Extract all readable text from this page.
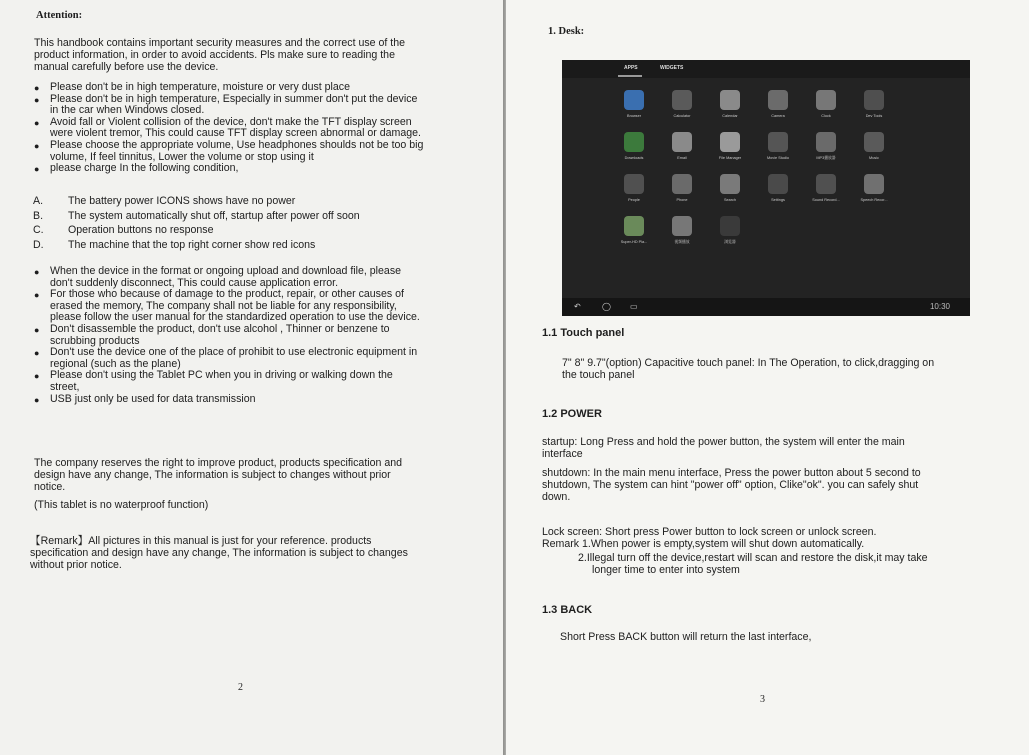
Attention:
This handbook contains important security measures and the correct use of the
product information, in order to avoid accidents. Pls make sure to reading the
manual carefully before use the device.
● Please don't be in high temperature, moisture or very dust place
● Please don't be in high temperature, Especially in summer don't put the device
in the car when Windows closed.
● Avoid fall or Violent collision of the device, don't make the TFT display screen
were violent tremor, This could cause TFT display screen abnormal or damage.
● Please choose the appropriate volume, Use headphones shoulds not be too big
volume, If feel tinnitus, Lower the volume or stop using it
● please charge In the following condition,
A. The battery power ICONS shows have no power
B. The system automatically shut off, startup after power off soon
C. Operation buttons no response
D. The machine that the top right corner show red icons
● When the device in the format or ongoing upload and download file, please
don't suddenly disconnect, This could cause application error.
● For those who because of damage to the product, repair, or other causes of
erased the memory, The company shall not be liable for any responsibility,
please follow the user manual for the standardized operation to use the device.
● Don't disassemble the product, don't use alcohol , Thinner or benzene to
scrubbing products
● Don't use the device one of the place of prohibit to use electronic equipment in
regional (such as the plane)
● Please don't using the Tablet PC when you in driving or walking down the
street,
● USB just only be used for data transmission
The company reserves the right to improve product, products specification and
design have any change, The information is subject to changes without prior
notice.
(This tablet is no waterproof function)
【Remark】All pictures in this manual is just for your reference. products
specification and design have any change, The information is subject to changes
without prior notice.
2
1. Desk:
APPS	WIDGETS
Browser	Calculator	Calendar	Camera	Clock	Dev Tools
Downloads	Email	File Manager	Movie Studio	MP3播放器	Music
People	Phone	Search	Settings	Sound Record...	Speech Recor...
Super-HD Pla...	视频播放	浏览器
↶	◯ ▭	10:30
1.1 Touch panel
7" 8" 9.7"(option) Capacitive touch panel: In The Operation, to click,dragging on
the touch panel
1.2 POWER
startup: Long Press and hold the power button, the system will enter the main
interface
shutdown: In the main menu interface, Press the power button about 5 second to
shutdown, The system can hint "power off" option, Clike"ok". you can safely shut
down.
Lock screen: Short press Power button to lock screen or unlock screen.
Remark 1.When power is empty,system will shut down automatically.
2.Illegal turn off the device,restart will scan and restore the disk,it may take
longer time to enter into system
1.3 BACK
Short Press BACK button will return the last interface,
3
